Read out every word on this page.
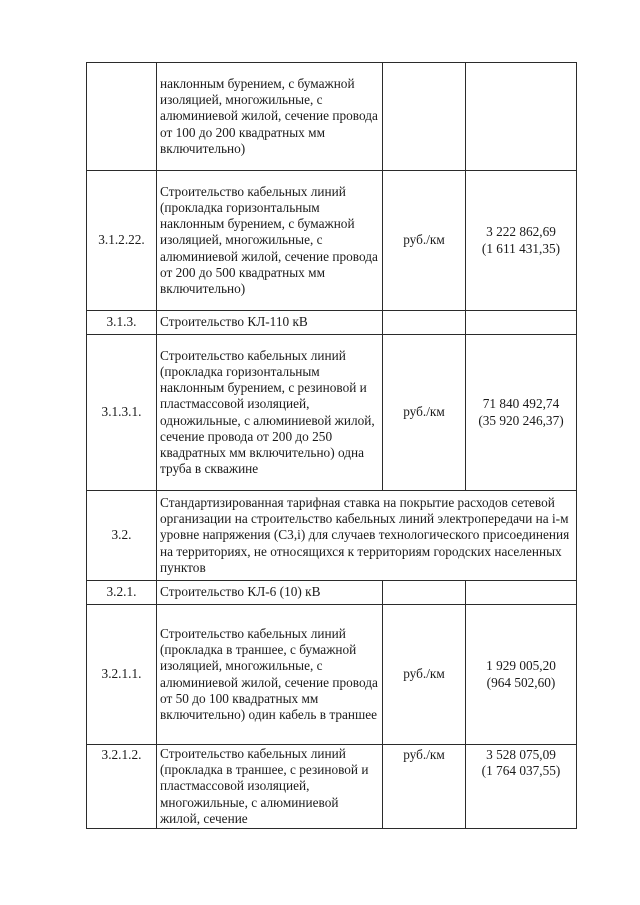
	наклонным бурением, с бумажной изоляцией, многожильные, с алюминиевой жилой, сечение провода от 100 до 200 квадратных мм включительно)		

3.1.2.22.	Строительство кабельных линий (прокладка горизонтальным наклонным бурением, с бумажной изоляцией, многожильные, с алюминиевой жилой, сечение провода от 200 до 500 квадратных мм включительно)	руб./км	3 222 862,69
(1 611 431,35)

3.1.3.	Строительство КЛ-110 кВ		

3.1.3.1.	Строительство кабельных линий (прокладка горизонтальным наклонным бурением, с резиновой и пластмассовой изоляцией, одножильные, с алюминиевой жилой, сечение провода от 200 до 250 квадратных мм включительно) одна труба в скважине	руб./км	71 840 492,74
(35 920 246,37)

3.2.	Стандартизированная тарифная ставка на покрытие расходов сетевой организации на строительство кабельных линий электропередачи на i-м уровне напряжения (С3,i) для случаев технологического присоединения на территориях, не относящихся к территориям городских населенных пунктов		
3.2.1.	Строительство КЛ-6 (10) кВ		

3.2.1.1.	Строительство кабельных линий (прокладка в траншее, с бумажной изоляцией, многожильные, с алюминиевой жилой, сечение провода от 50 до 100 квадратных мм включительно) один кабель в траншее	руб./км	1 929 005,20
(964 502,60)

3.2.1.2.	Строительство кабельных линий (прокладка в траншее, с резиновой и пластмассовой изоляцией, многожильные, с алюминиевой жилой, сечение	руб./км	3 528 075,09
(1 764 037,55)
